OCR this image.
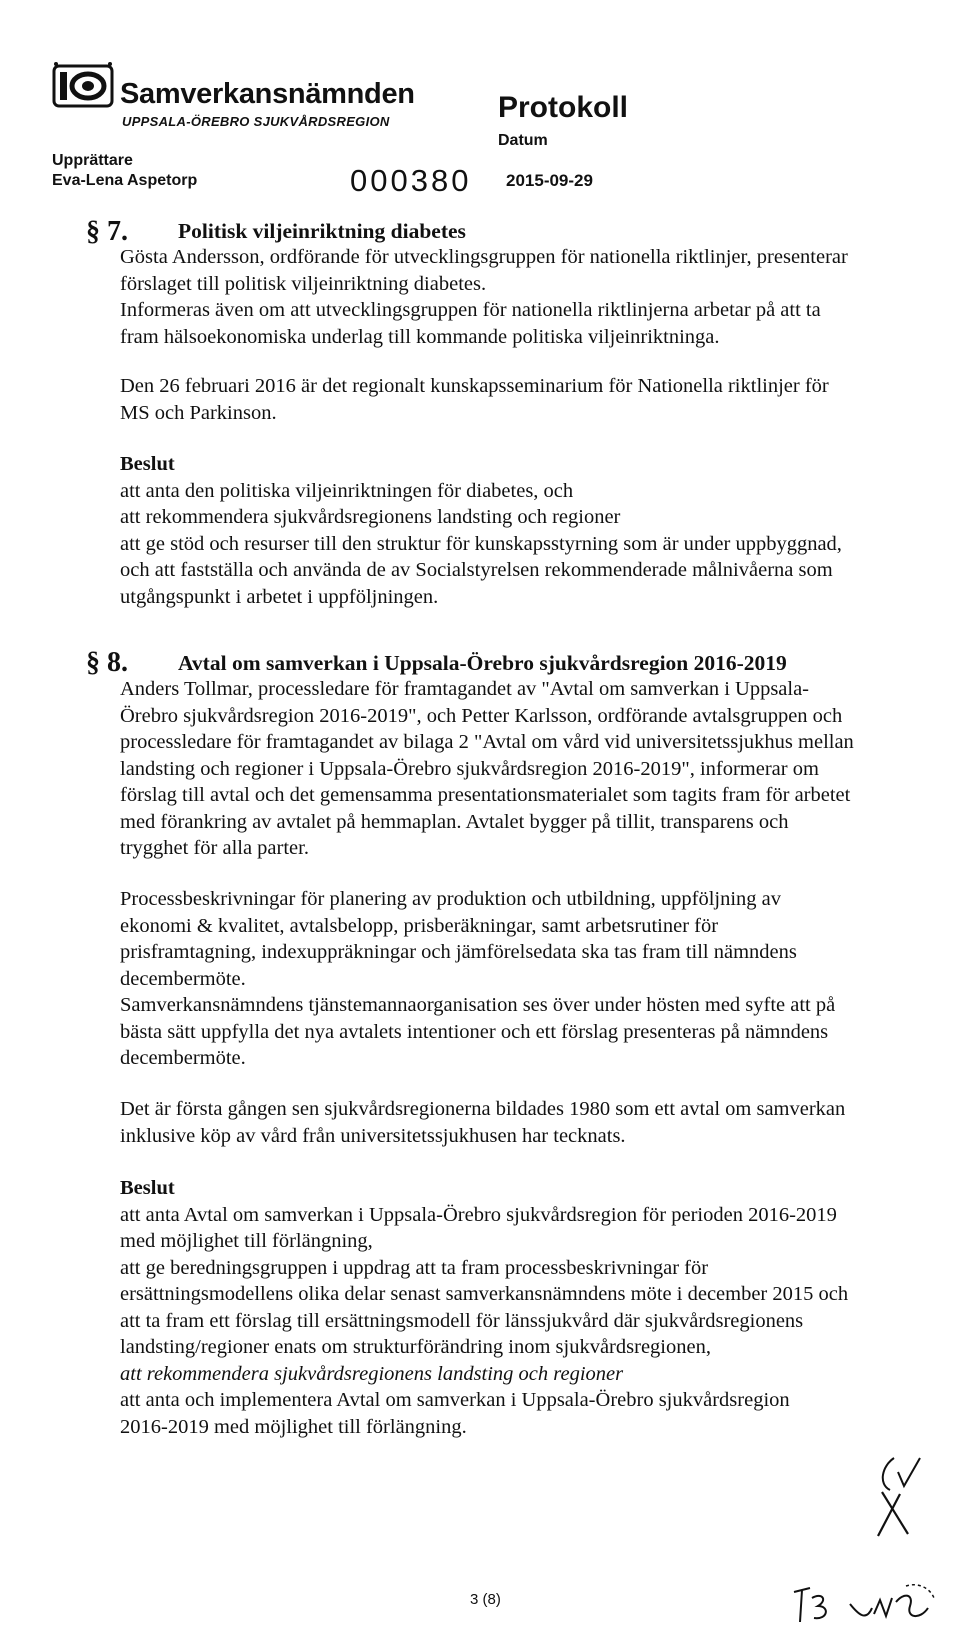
Samverkansnämnden
UPPSALA-ÖREBRO SJUKVÅRDSREGION	Protokoll
Datum
Upprättare
Eva-Lena Aspetorp	000380 2015-09-29
§ 7. Politisk viljeinriktning diabetes

Gösta Andersson, ordförande för utvecklingsgruppen för nationella riktlinjer, presenterar

förslaget till politisk viljeinriktning diabetes.

Informeras även om att utvecklingsgruppen för nationella riktlinjerna arbetar på att ta

fram hälsoekonomiska underlag till kommande politiska viljeinriktninga.

Den 26 februari 2016 är det regionalt kunskapsseminarium för Nationella riktlinjer för

MS och Parkinson.

Beslut

att anta den politiska viljeinriktningen för diabetes, och

att rekommendera sjukvårdsregionens landsting och regioner

att ge stöd och resurser till den struktur för kunskapsstyrning som är under uppbyggnad,

och att fastställa och använda de av Socialstyrelsen rekommenderade målnivåerna som

utgångspunkt i arbetet i uppföljningen.

§ 8. Avtal om samverkan i Uppsala-Örebro sjukvårdsregion 2016-2019

Anders Tollmar, processledare för framtagandet av "Avtal om samverkan i Uppsala-

Örebro sjukvårdsregion 2016-2019", och Petter Karlsson, ordförande avtalsgruppen och

processledare för framtagandet av bilaga 2 "Avtal om vård vid universitetssjukhus mellan

landsting och regioner i Uppsala-Örebro sjukvårdsregion 2016-2019", informerar om

förslag till avtal och det gemensamma presentationsmaterialet som tagits fram för arbetet

med förankring av avtalet på hemmaplan. Avtalet bygger på tillit, transparens och

trygghet för alla parter.

Processbeskrivningar för planering av produktion och utbildning, uppföljning av

ekonomi & kvalitet, avtalsbelopp, prisberäkningar, samt arbetsrutiner för

prisframtagning, indexuppräkningar och jämförelsedata ska tas fram till nämndens

decembermöte.

Samverkansnämndens tjänstemannaorganisation ses över under hösten med syfte att på

bästa sätt uppfylla det nya avtalets intentioner och ett förslag presenteras på nämndens

decembermöte.

Det är första gången sen sjukvårdsregionerna bildades 1980 som ett avtal om samverkan

inklusive köp av vård från universitetssjukhusen har tecknats.

Beslut

att anta Avtal om samverkan i Uppsala-Örebro sjukvårdsregion för perioden 2016-2019

med möjlighet till förlängning,

att ge beredningsgruppen i uppdrag att ta fram processbeskrivningar för

ersättningsmodellens olika delar senast samverkansnämndens möte i december 2015 och

att ta fram ett förslag till ersättningsmodell för länssjukvård där sjukvårdsregionens

landsting/regioner enats om strukturförändring inom sjukvårdsregionen,

att rekommendera sjukvårdsregionens landsting och regioner

att anta och implementera Avtal om samverkan i Uppsala-Örebro sjukvårdsregion

2016-2019 med möjlighet till förlängning.

3 (8)
